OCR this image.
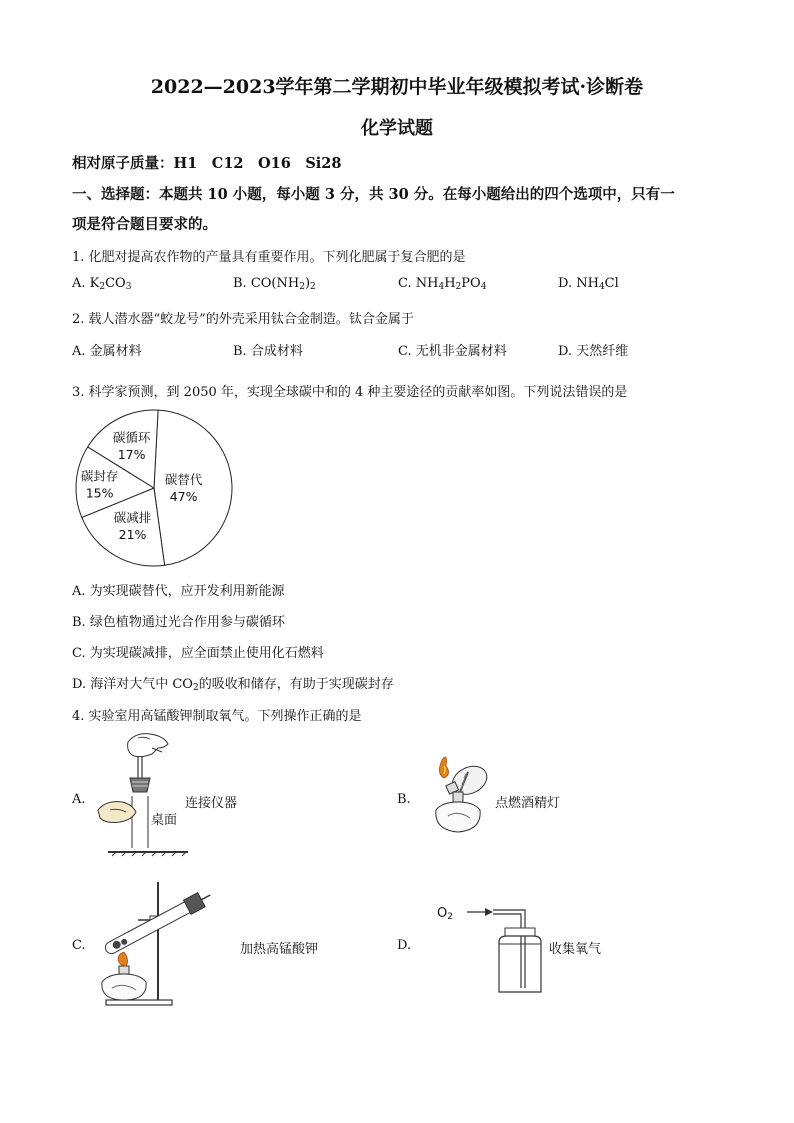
2022—2023学年第二学期初中毕业年级模拟考试·诊断卷
化学试题
相对原子质量：H1　C12　O16　Si28
一、选择题：本题共 10 小题，每小题 3 分，共 30 分。在每小题给出的四个选项中，只有一
项是符合题目要求的。
1. 化肥对提高农作物的产量具有重要作用。下列化肥属于复合肥的是
A. $K_2CO_3$	B. $CO(NH_2)_2$	C. $NH_4H_2PO_4$	D. $NH_4Cl$
2. 载人潜水器“蛟龙号”的外壳采用钛合金制造。钛合金属于
A. 金属材料	B. 合成材料	C. 无机非金属材料	D. 天然纤维
3. 科学家预测，到 2050 年，实现全球碳中和的 4 种主要途径的贡献率如图。下列说法错误的是
碳替代
47%
碳减排
21%
碳封存
15%
碳循环
17%
A. 为实现碳替代，应开发利用新能源
B. 绿色植物通过光合作用参与碳循环
C. 为实现碳减排，应全面禁止使用化石燃料
D. 海洋对大气中 $CO_2$的吸收和储存，有助于实现碳封存
4. 实验室用高锰酸钾制取氧气。下列操作正确的是
A.	连接仪器
桌面
B.	点燃酒精灯
C.	加热高锰酸钾	D.
$O_2$
收集氧气
